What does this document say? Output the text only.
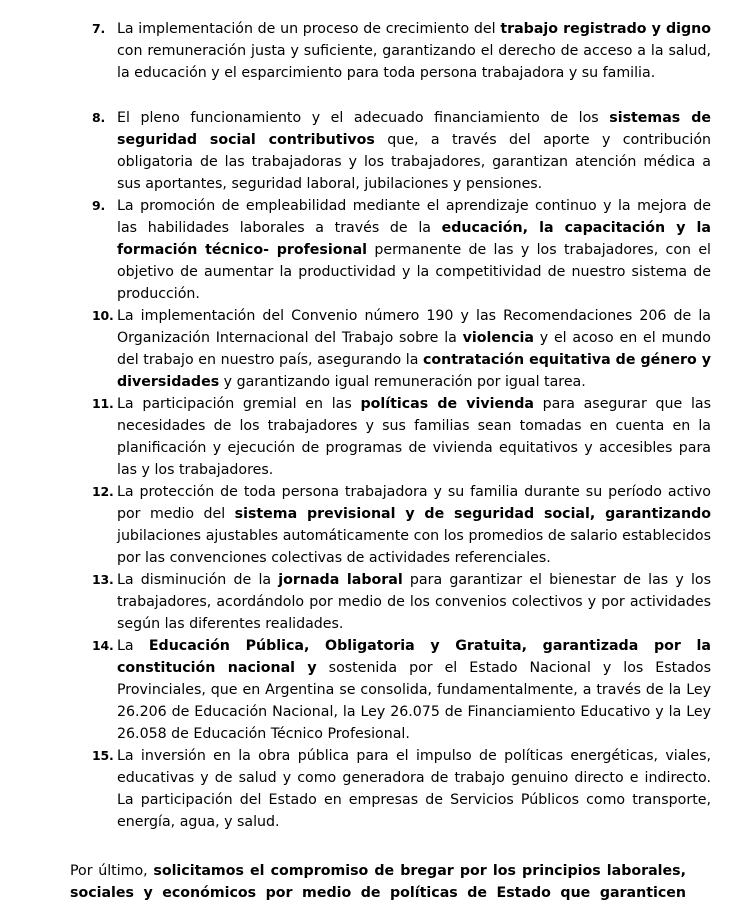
7. La implementación de un proceso de crecimiento del trabajo registrado y digno con remuneración justa y suficiente, garantizando el derecho de acceso a la salud, la educación y el esparcimiento para toda persona trabajadora y su familia.
8. El pleno funcionamiento y el adecuado financiamiento de los sistemas de seguridad social contributivos que, a través del aporte y contribución obligatoria de las trabajadoras y los trabajadores, garantizan atención médica a sus aportantes, seguridad laboral, jubilaciones y pensiones.
9. La promoción de empleabilidad mediante el aprendizaje continuo y la mejora de las habilidades laborales a través de la educación, la capacitación y la formación técnico- profesional permanente de las y los trabajadores, con el objetivo de aumentar la productividad y la competitividad de nuestro sistema de producción.
10. La implementación del Convenio número 190 y las Recomendaciones 206 de la Organización Internacional del Trabajo sobre la violencia y el acoso en el mundo del trabajo en nuestro país, asegurando la contratación equitativa de género y diversidades y garantizando igual remuneración por igual tarea.
11. La participación gremial en las políticas de vivienda para asegurar que las necesidades de los trabajadores y sus familias sean tomadas en cuenta en la planificación y ejecución de programas de vivienda equitativos y accesibles para las y los trabajadores.
12. La protección de toda persona trabajadora y su familia durante su período activo por medio del sistema previsional y de seguridad social, garantizando jubilaciones ajustables automáticamente con los promedios de salario establecidos por las convenciones colectivas de actividades referenciales.
13. La disminución de la jornada laboral para garantizar el bienestar de las y los trabajadores, acordándolo por medio de los convenios colectivos y por actividades según las diferentes realidades.
14. La Educación Pública, Obligatoria y Gratuita, garantizada por la constitución nacional y sostenida por el Estado Nacional y los Estados Provinciales, que en Argentina se consolida, fundamentalmente, a través de la Ley 26.206 de Educación Nacional, la Ley 26.075 de Financiamiento Educativo y la Ley 26.058 de Educación Técnico Profesional.
15. La inversión en la obra pública para el impulso de políticas energéticas, viales, educativas y de salud y como generadora de trabajo genuino directo e indirecto. La participación del Estado en empresas de Servicios Públicos como transporte, energía, agua, y salud.
Por último, solicitamos el compromiso de bregar por los principios laborales, sociales y económicos por medio de políticas de Estado que garanticen
